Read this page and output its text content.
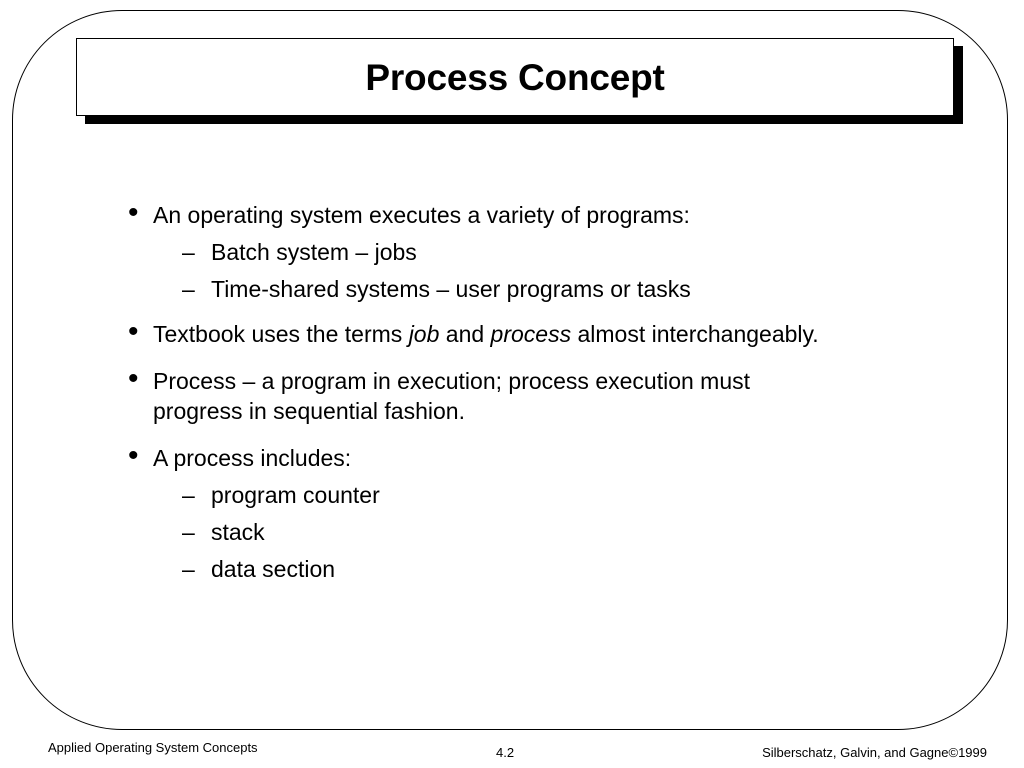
Process Concept
• An operating system executes a variety of programs:
– Batch system – jobs
– Time-shared systems – user programs or tasks
• Textbook uses the terms job and process almost interchangeably.
• Process – a program in execution; process execution must
progress in sequential fashion.
• A process includes:
– program counter
– stack
– data section
Applied Operating System Concepts	4.2	Silberschatz, Galvin, and Gagne©1999
